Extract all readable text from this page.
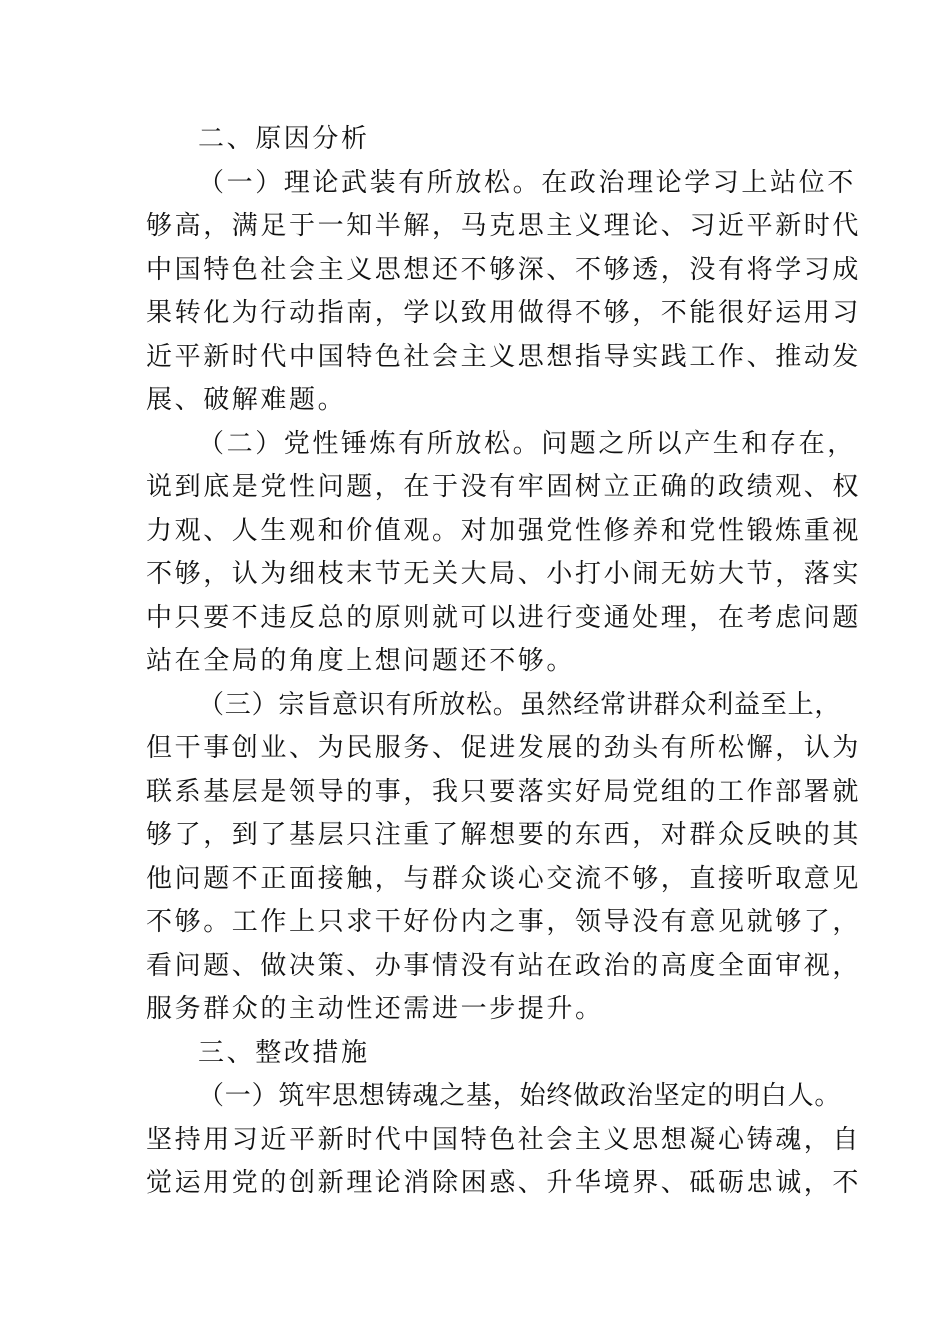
二、原因分析
（一）理论武装有所放松。在政治理论学习上站位不
够高，满足于一知半解，马克思主义理论、习近平新时代
中国特色社会主义思想还不够深、不够透，没有将学习成
果转化为行动指南，学以致用做得不够，不能很好运用习
近平新时代中国特色社会主义思想指导实践工作、推动发
展、破解难题。
（二）党性锤炼有所放松。问题之所以产生和存在，
说到底是党性问题，在于没有牢固树立正确的政绩观、权
力观、人生观和价值观。对加强党性修养和党性锻炼重视
不够，认为细枝末节无关大局、小打小闹无妨大节，落实
中只要不违反总的原则就可以进行变通处理，在考虑问题
站在全局的角度上想问题还不够。
（三）宗旨意识有所放松。虽然经常讲群众利益至上，
但干事创业、为民服务、促进发展的劲头有所松懈，认为
联系基层是领导的事，我只要落实好局党组的工作部署就
够了，到了基层只注重了解想要的东西，对群众反映的其
他问题不正面接触，与群众谈心交流不够，直接听取意见
不够。工作上只求干好份内之事，领导没有意见就够了，
看问题、做决策、办事情没有站在政治的高度全面审视，
服务群众的主动性还需进一步提升。
三、整改措施
（一）筑牢思想铸魂之基，始终做政治坚定的明白人。
坚持用习近平新时代中国特色社会主义思想凝心铸魂，自
觉运用党的创新理论消除困惑、升华境界、砥砺忠诚，不
